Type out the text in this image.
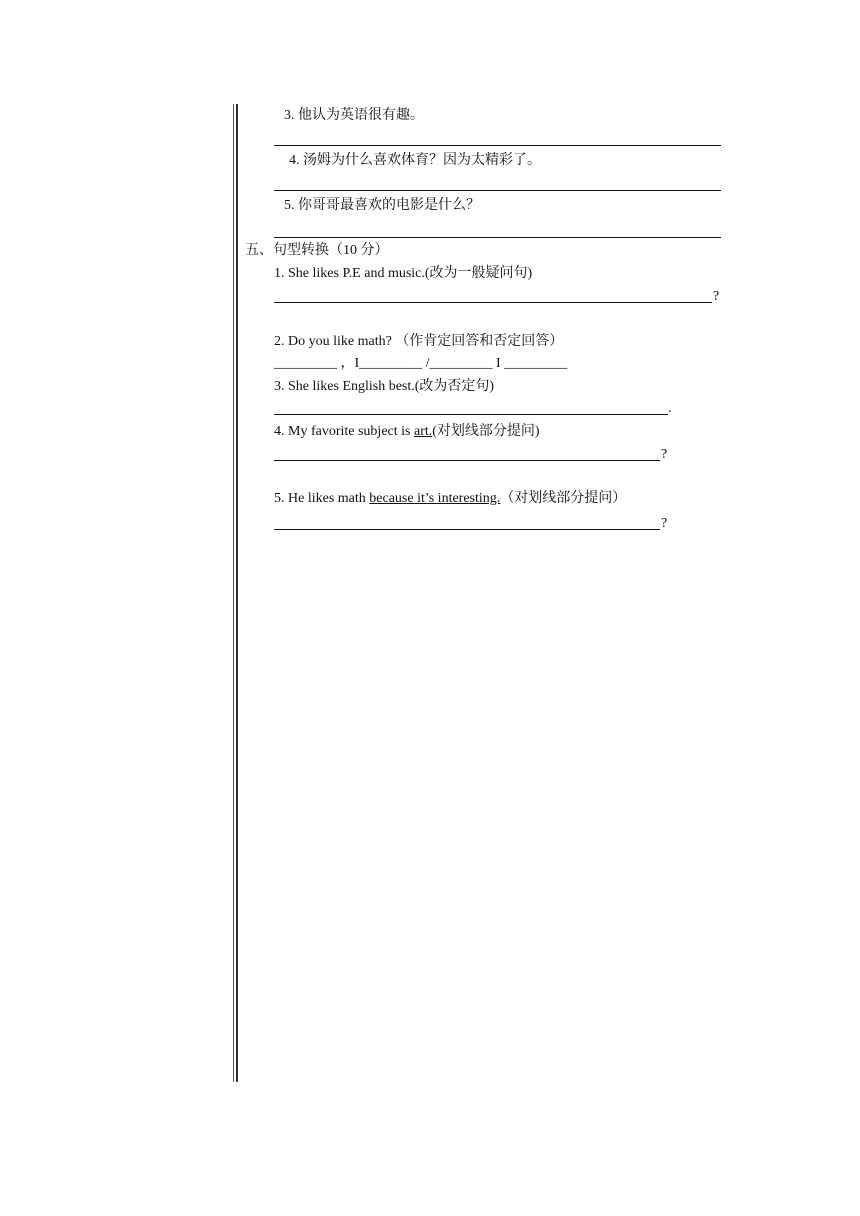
3. 他认为英语很有趣。
4. 汤姆为什么喜欢体育？因为太精彩了。
5. 你哥哥最喜欢的电影是什么？
五、句型转换（10 分）
1. She likes P.E and music.(改为一般疑问句)
?
2. Do you like math? （作肯定回答和否定回答）
_________ ，I_________ /_________ I _________
3. She likes English best.(改为否定句)
.
4. My favorite subject is art.(对划线部分提问)
?
5. He likes math because it’s interesting.（对划线部分提问）
?
